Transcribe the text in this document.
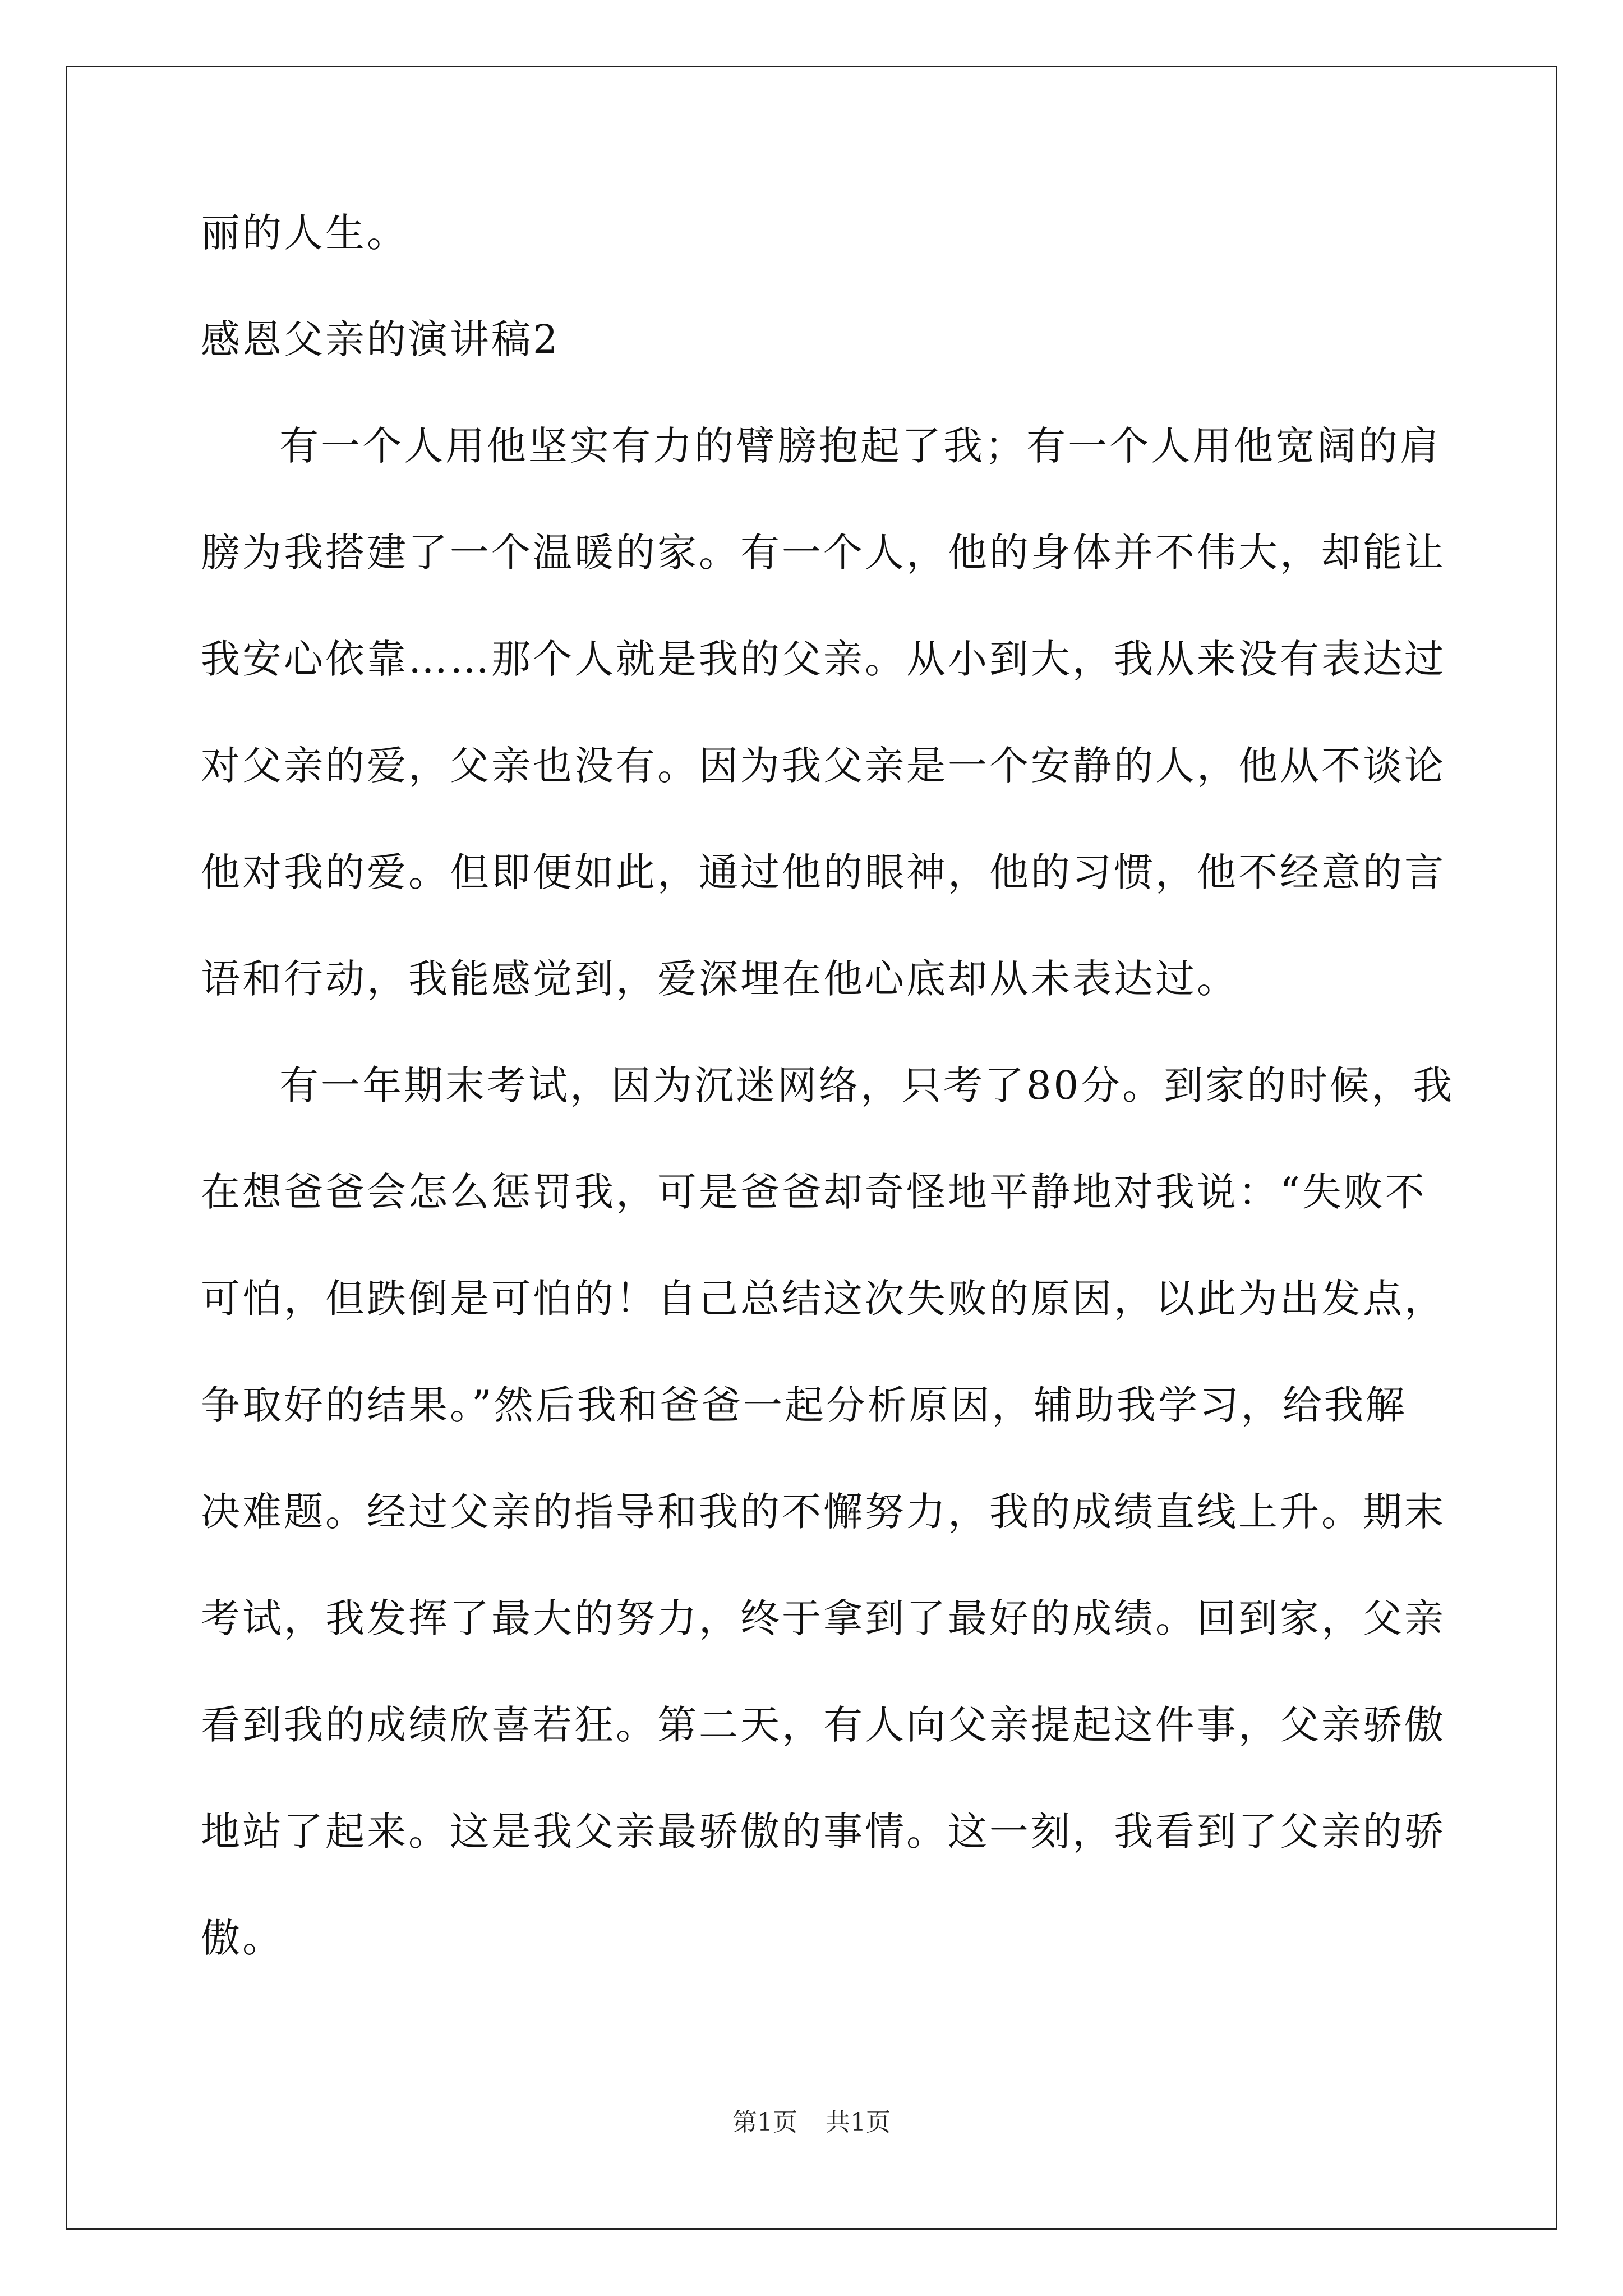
丽的人生。
感恩父亲的演讲稿2
有一个人用他坚实有力的臂膀抱起了我；有一个人用他宽阔的肩
膀为我搭建了一个温暖的家。有一个人，他的身体并不伟大，却能让
我安心依靠……那个人就是我的父亲。从小到大，我从来没有表达过
对父亲的爱，父亲也没有。因为我父亲是一个安静的人，他从不谈论
他对我的爱。但即便如此，通过他的眼神，他的习惯，他不经意的言
语和行动，我能感觉到，爱深埋在他心底却从未表达过。
有一年期末考试，因为沉迷网络，只考了80分。到家的时候，我
在想爸爸会怎么惩罚我，可是爸爸却奇怪地平静地对我说：“失败不
可怕，但跌倒是可怕的！自己总结这次失败的原因，以此为出发点，
争取好的结果。”然后我和爸爸一起分析原因，辅助我学习，给我解
决难题。经过父亲的指导和我的不懈努力，我的成绩直线上升。期末
考试，我发挥了最大的努力，终于拿到了最好的成绩。回到家，父亲
看到我的成绩欣喜若狂。第二天，有人向父亲提起这件事，父亲骄傲
地站了起来。这是我父亲最骄傲的事情。这一刻，我看到了父亲的骄
傲。
第1页 共1页
